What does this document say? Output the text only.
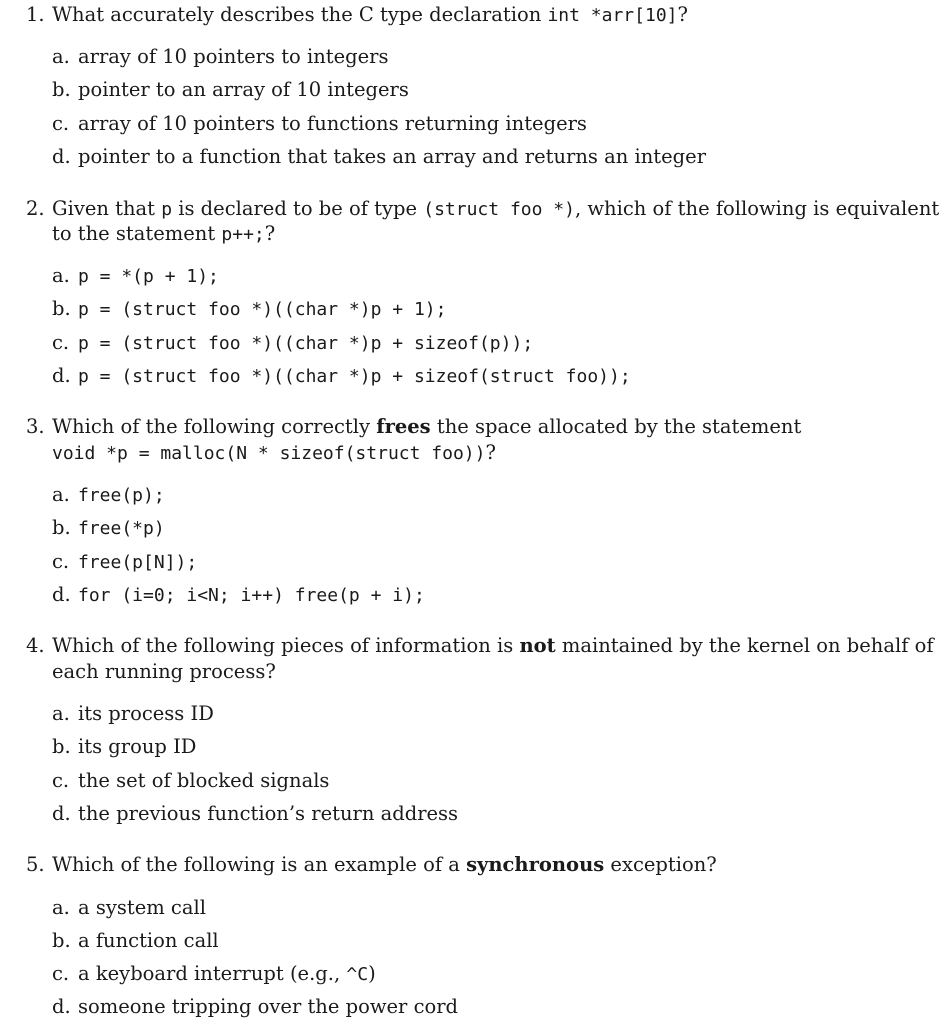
1. What accurately describes the C type declaration int *arr[10]?
a. array of 10 pointers to integers
b. pointer to an array of 10 integers
c. array of 10 pointers to functions returning integers
d. pointer to a function that takes an array and returns an integer
2. Given that p is declared to be of type (struct foo *), which of the following is equivalent
to the statement p++;?
a. p = *(p + 1);
b. p = (struct foo *)((char *)p + 1);
c. p = (struct foo *)((char *)p + sizeof(p));
d. p = (struct foo *)((char *)p + sizeof(struct foo));
3. Which of the following correctly frees the space allocated by the statement
void *p = malloc(N * sizeof(struct foo))?
a. free(p);
b. free(*p)
c. free(p[N]);
d. for (i=0; i<N; i++) free(p + i);
4. Which of the following pieces of information is not maintained by the kernel on behalf of
each running process?
a. its process ID
b. its group ID
c. the set of blocked signals
d. the previous function’s return address
5. Which of the following is an example of a synchronous exception?
a. a system call
b. a function call
c. a keyboard interrupt (e.g., ^C)
d. someone tripping over the power cord
